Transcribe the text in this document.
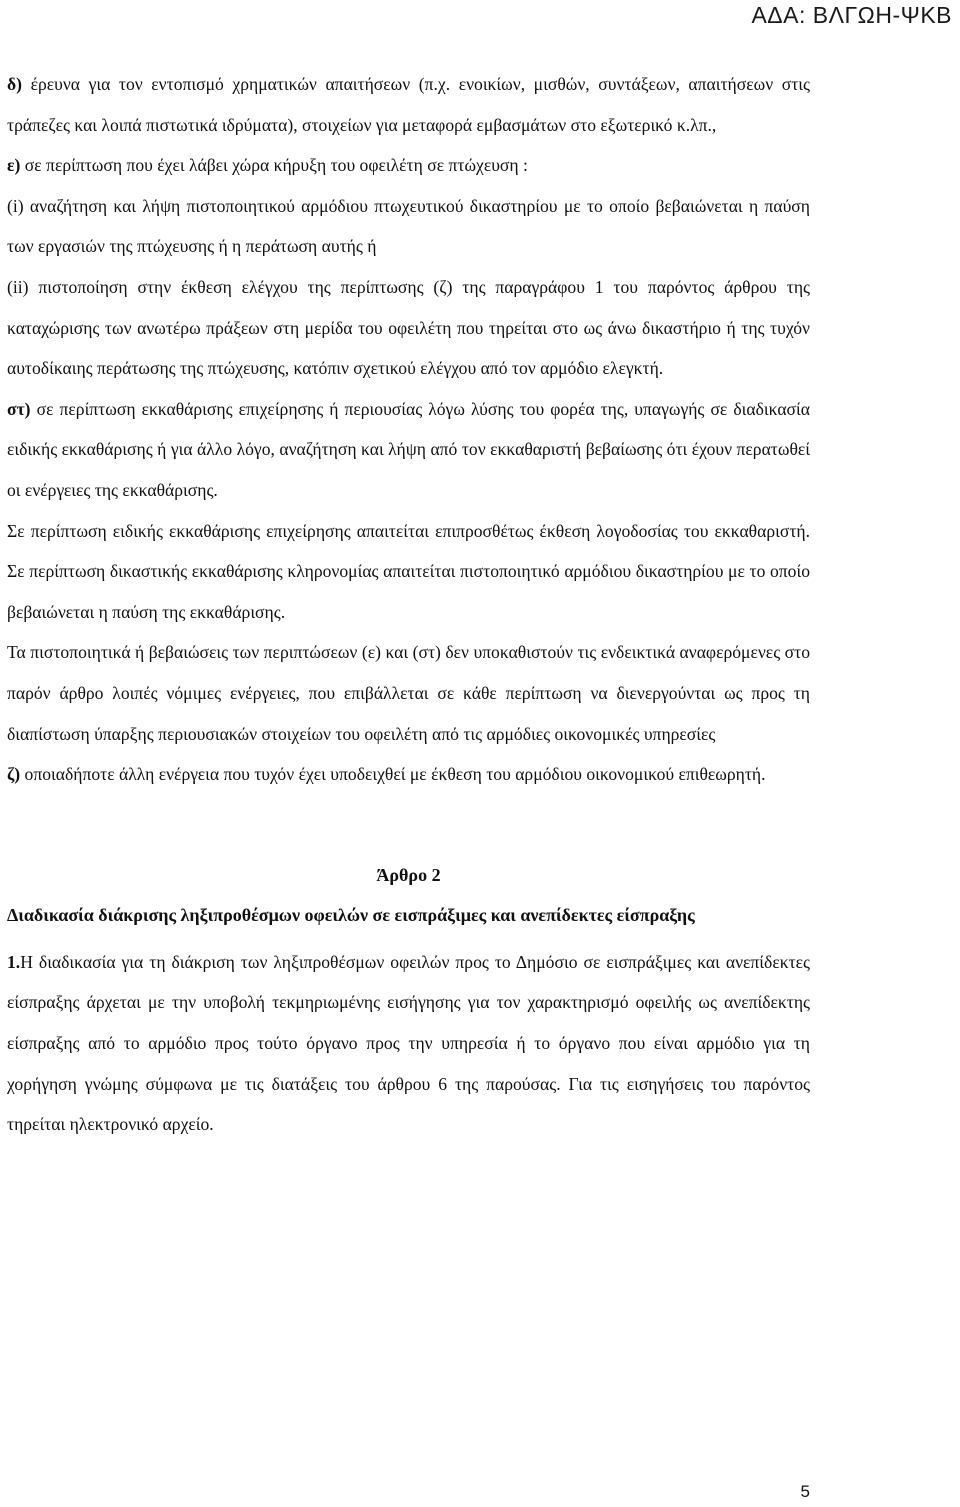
ΑΔΑ: ΒΛΓΩΗ-ΨΚΒ

δ) έρευνα για τον εντοπισμό χρηματικών απαιτήσεων (π.χ. ενοικίων, μισθών, συντάξεων, απαιτήσεων στις τράπεζες και λοιπά πιστωτικά ιδρύματα), στοιχείων για μεταφορά εμβασμάτων στο εξωτερικό κ.λπ.,

ε) σε περίπτωση που έχει λάβει χώρα κήρυξη του οφειλέτη σε πτώχευση :

(i) αναζήτηση και λήψη πιστοποιητικού αρμόδιου πτωχευτικού δικαστηρίου με το οποίο βεβαιώνεται η παύση των εργασιών της πτώχευσης ή η περάτωση αυτής ή

(ii) πιστοποίηση στην έκθεση ελέγχου της περίπτωσης (ζ) της παραγράφου 1 του παρόντος άρθρου της καταχώρισης των ανωτέρω πράξεων στη μερίδα του οφειλέτη που τηρείται στο ως άνω δικαστήριο ή της τυχόν αυτοδίκαιης περάτωσης της πτώχευσης, κατόπιν σχετικού ελέγχου από τον αρμόδιο ελεγκτή.

στ) σε περίπτωση εκκαθάρισης επιχείρησης ή περιουσίας λόγω λύσης του φορέα της, υπαγωγής σε διαδικασία ειδικής εκκαθάρισης ή για άλλο λόγο, αναζήτηση και λήψη από τον εκκαθαριστή βεβαίωσης ότι έχουν περατωθεί οι ενέργειες της εκκαθάρισης.

Σε περίπτωση ειδικής εκκαθάρισης επιχείρησης απαιτείται επιπροσθέτως έκθεση λογοδοσίας του εκκαθαριστή. Σε περίπτωση δικαστικής εκκαθάρισης κληρονομίας απαιτείται πιστοποιητικό αρμόδιου δικαστηρίου με το οποίο βεβαιώνεται η παύση της εκκαθάρισης.

Τα πιστοποιητικά ή βεβαιώσεις των περιπτώσεων (ε) και (στ) δεν υποκαθιστούν τις ενδεικτικά αναφερόμενες στο παρόν άρθρο λοιπές νόμιμες ενέργειες, που επιβάλλεται σε κάθε περίπτωση να διενεργούνται ως προς τη διαπίστωση ύπαρξης περιουσιακών στοιχείων του οφειλέτη από τις αρμόδιες οικονομικές υπηρεσίες

ζ) οποιαδήποτε άλλη ενέργεια που τυχόν έχει υποδειχθεί με έκθεση του αρμόδιου οικονομικού επιθεωρητή.

Άρθρο 2
Διαδικασία διάκρισης ληξιπροθέσμων οφειλών σε εισπράξιμες και ανεπίδεκτες είσπραξης

1.Η διαδικασία για τη διάκριση των ληξιπροθέσμων οφειλών προς το Δημόσιο σε εισπράξιμες και ανεπίδεκτες είσπραξης άρχεται με την υποβολή τεκμηριωμένης εισήγησης για τον χαρακτηρισμό οφειλής ως ανεπίδεκτης είσπραξης από το αρμόδιο προς τούτο όργανο προς την υπηρεσία ή το όργανο που είναι αρμόδιο για τη χορήγηση γνώμης σύμφωνα με τις διατάξεις του άρθρου 6 της παρούσας. Για τις εισηγήσεις του παρόντος τηρείται ηλεκτρονικό αρχείο.

5
